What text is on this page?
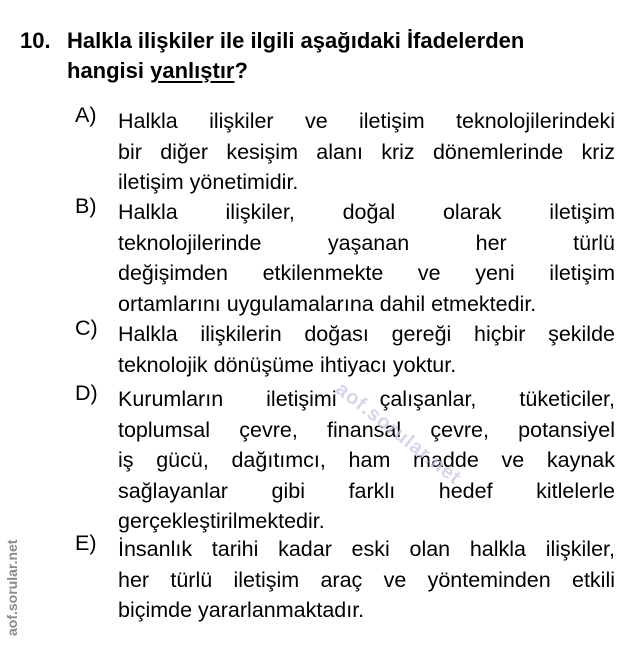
10. Halkla ilişkiler ile ilgili aşağıdaki İfadelerden
hangisi yanlıştır?
A) Halkla ilişkiler ve iletişim teknolojilerindeki
bir diğer kesişim alanı kriz dönemlerinde kriz
iletişim yönetimidir.
B) Halkla ilişkiler, doğal olarak iletişim
teknolojilerinde yaşanan her türlü
değişimden etkilenmekte ve yeni iletişim
ortamlarını uygulamalarına dahil etmektedir.
C) Halkla ilişkilerin doğası gereği hiçbir şekilde
teknolojik dönüşüme ihtiyacı yoktur.
D) Kurumların iletişimi çalışanlar, tüketiciler,
toplumsal çevre, finansal çevre, potansiyel
iş gücü, dağıtımcı, ham madde ve kaynak
sağlayanlar gibi farklı hedef kitlelerle
gerçekleştirilmektedir.
E) İnsanlık tarihi kadar eski olan halkla ilişkiler,
her türlü iletişim araç ve yönteminden etkili
biçimde yararlanmaktadır.
aof.sorular.net
aof.sorular.net
